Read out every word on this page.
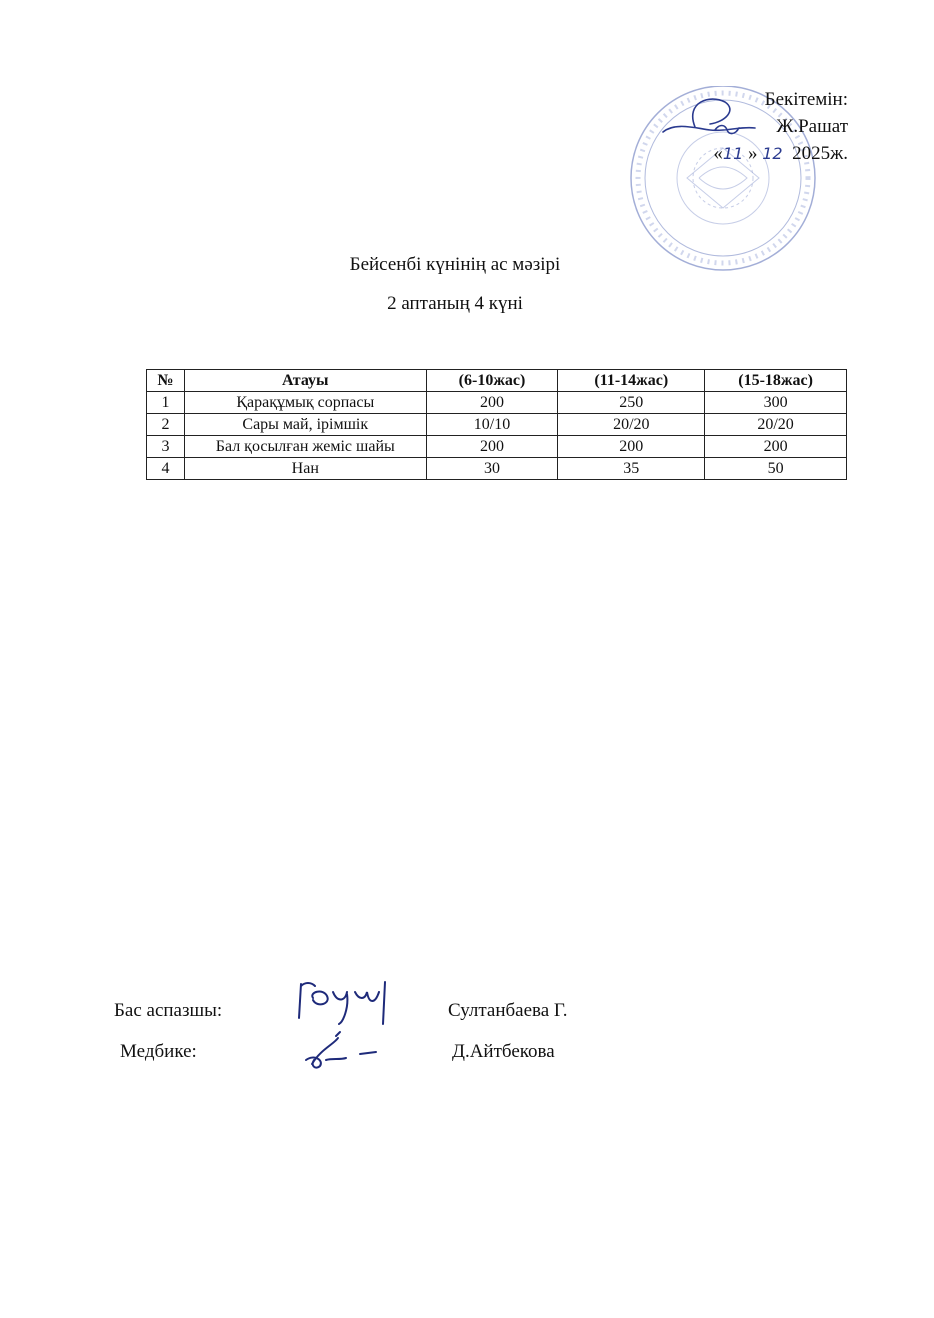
Бекітемін:
Ж.Рашат
«11 » 12 2025ж.
Бейсенбі күнінің ас мәзірі
2 аптаның 4 күні
№	Атауы	(6-10жас)	(11-14жас)	(15-18жас)
1	Қарақұмық сорпасы	200	250	300
2	Сары май, ірімшік	10/10	20/20	20/20
3	Бал қосылған жеміс шайы	200	200	200
4	Нан	30	35	50
Бас аспазшы:	Султанбаева Г.
Медбике:	Д.Айтбекова
